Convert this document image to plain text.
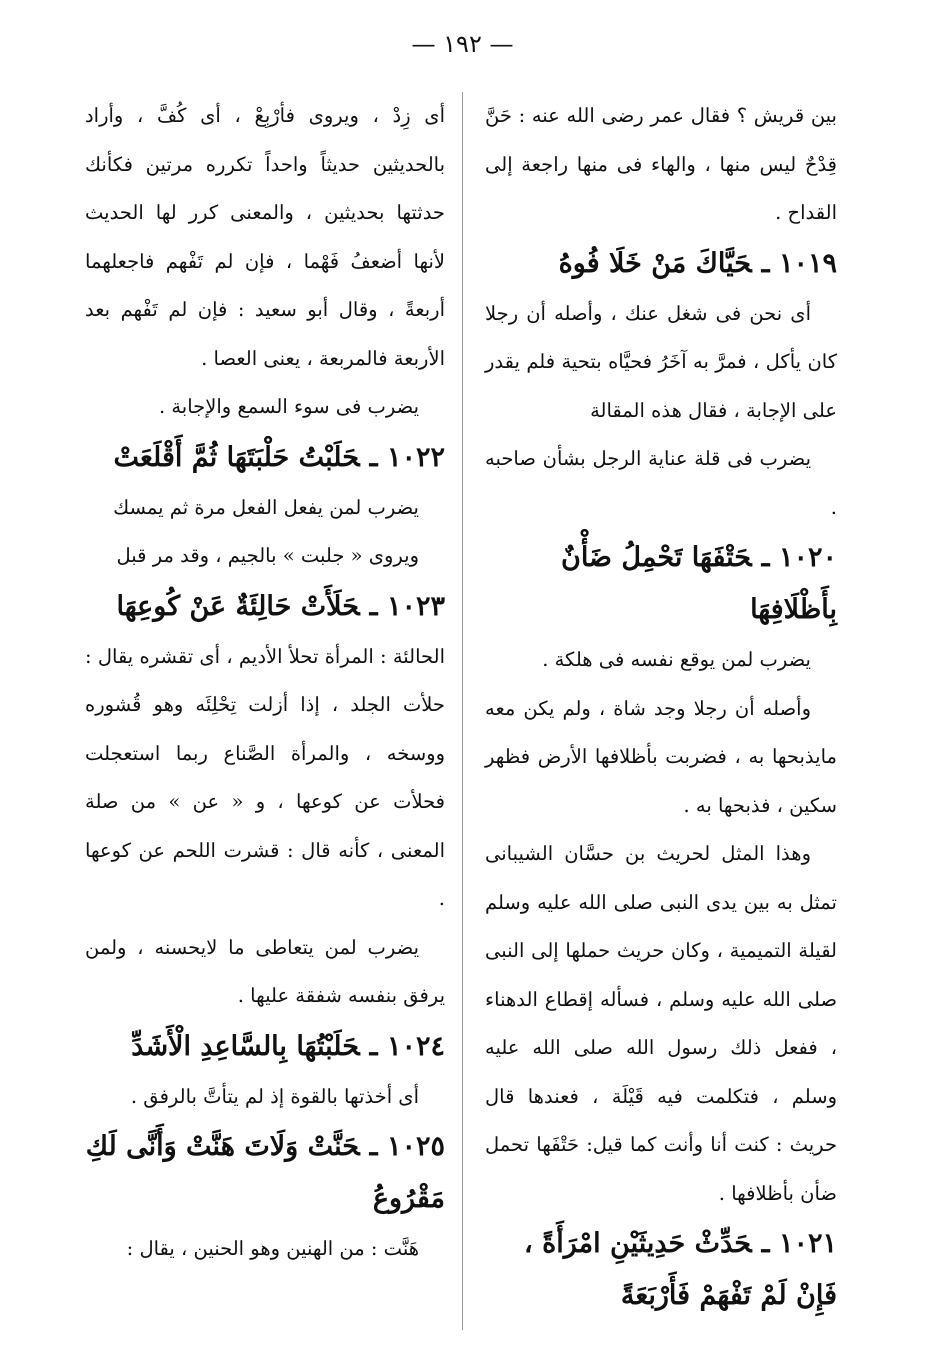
— ١٩٢ —

بين قريش ؟ فقال عمر رضى الله عنه : حَنَّ قِدْحٌ ليس منها ، والهاء فى منها راجعة إلى القداح .

١٠١٩ ـحَيَّاكَ مَنْ خَلَا فُوهُ

أى نحن فى شغل عنك ، وأصله أن رجلا كان يأكل ، فمرَّ به آخَرُ فحيَّاه بتحية فلم يقدر على الإجابة ، فقال هذه المقالة

يضرب فى قلة عناية الرجل بشأن صاحبه .

١٠٢٠ ـحَتْفَهَا تَحْمِلُ ضَأْنٌ بِأَظْلَافِهَا

يضرب لمن يوقع نفسه فى هلكة .

وأصله أن رجلا وجد شاة ، ولم يكن معه مايذبحها به ، فضربت بأظلافها الأرض فظهر سكين ، فذبحها به .

وهذا المثل لحريث بن حسَّان الشيبانى تمثل به بين يدى النبى صلى الله عليه وسلم لقيلة التميمية ، وكان حريث حملها إلى النبى صلى الله عليه وسلم ، فسأله إقطاع الدهناء ، ففعل ذلك رسول الله صلى الله عليه وسلم ، فتكلمت فيه قَيْلَة ، فعندها قال حريث : كنت أنا وأنت كما قيل: حَتْفَها تحمل ضأن بأظلافها .

١٠٢١ ـحَدِّثْ حَدِيثَيْنِ امْرَأَةً ، فَإِنْ لَمْ تَفْهَمْ فَأَرْبَعَةً

أى زِدْ ، ويروى فأرْبِعْ ، أى كُفَّ ، وأراد بالحديثين حديثاً واحداً تكرره مرتين فكأنك حدثتها بحديثين ، والمعنى كرر لها الحديث لأنها أضعفُ فَهْما ، فإن لم تَفْهم فاجعلهما أربعةً ، وقال أبو سعيد : فإن لم تَفْهم بعد الأربعة فالمربعة ، يعنى العصا .

يضرب فى سوء السمع والإجابة .

١٠٢٢ ـحَلَبْتُ حَلْبَتَهَا ثُمَّ أَقْلَعَتْ

يضرب لمن يفعل الفعل مرة ثم يمسك

ويروى « جلبت » بالجيم ، وقد مر قبل

١٠٢٣ ـحَلَأَتْ حَالِئَةٌ عَنْ كُوعِهَا

الحالئة : المرأة تحلأ الأديم ، أى تقشره يقال : حلأت الجلد ، إذا أزلت تِحْلِئَه وهو قُشوره ووسخه ، والمرأة الصَّناع ربما استعجلت فحلأت عن كوعها ، و « عن » من صلة المعنى ، كأنه قال : قشرت اللحم عن كوعها .

يضرب لمن يتعاطى ما لايحسنه ، ولمن يرفق بنفسه شفقة عليها .

١٠٢٤ ـحَلَبْتُهَا بِالسَّاعِدِ الْأَشَدِّ

أى أخذتها بالقوة إذ لم يتأتَّ بالرفق .

١٠٢٥ ـحَنَّتْ وَلَاتَ هَنَّتْ وَأَنَّى لَكِ مَقْرُوعُ

هَنَّت : من الهنين وهو الحنين ، يقال :
